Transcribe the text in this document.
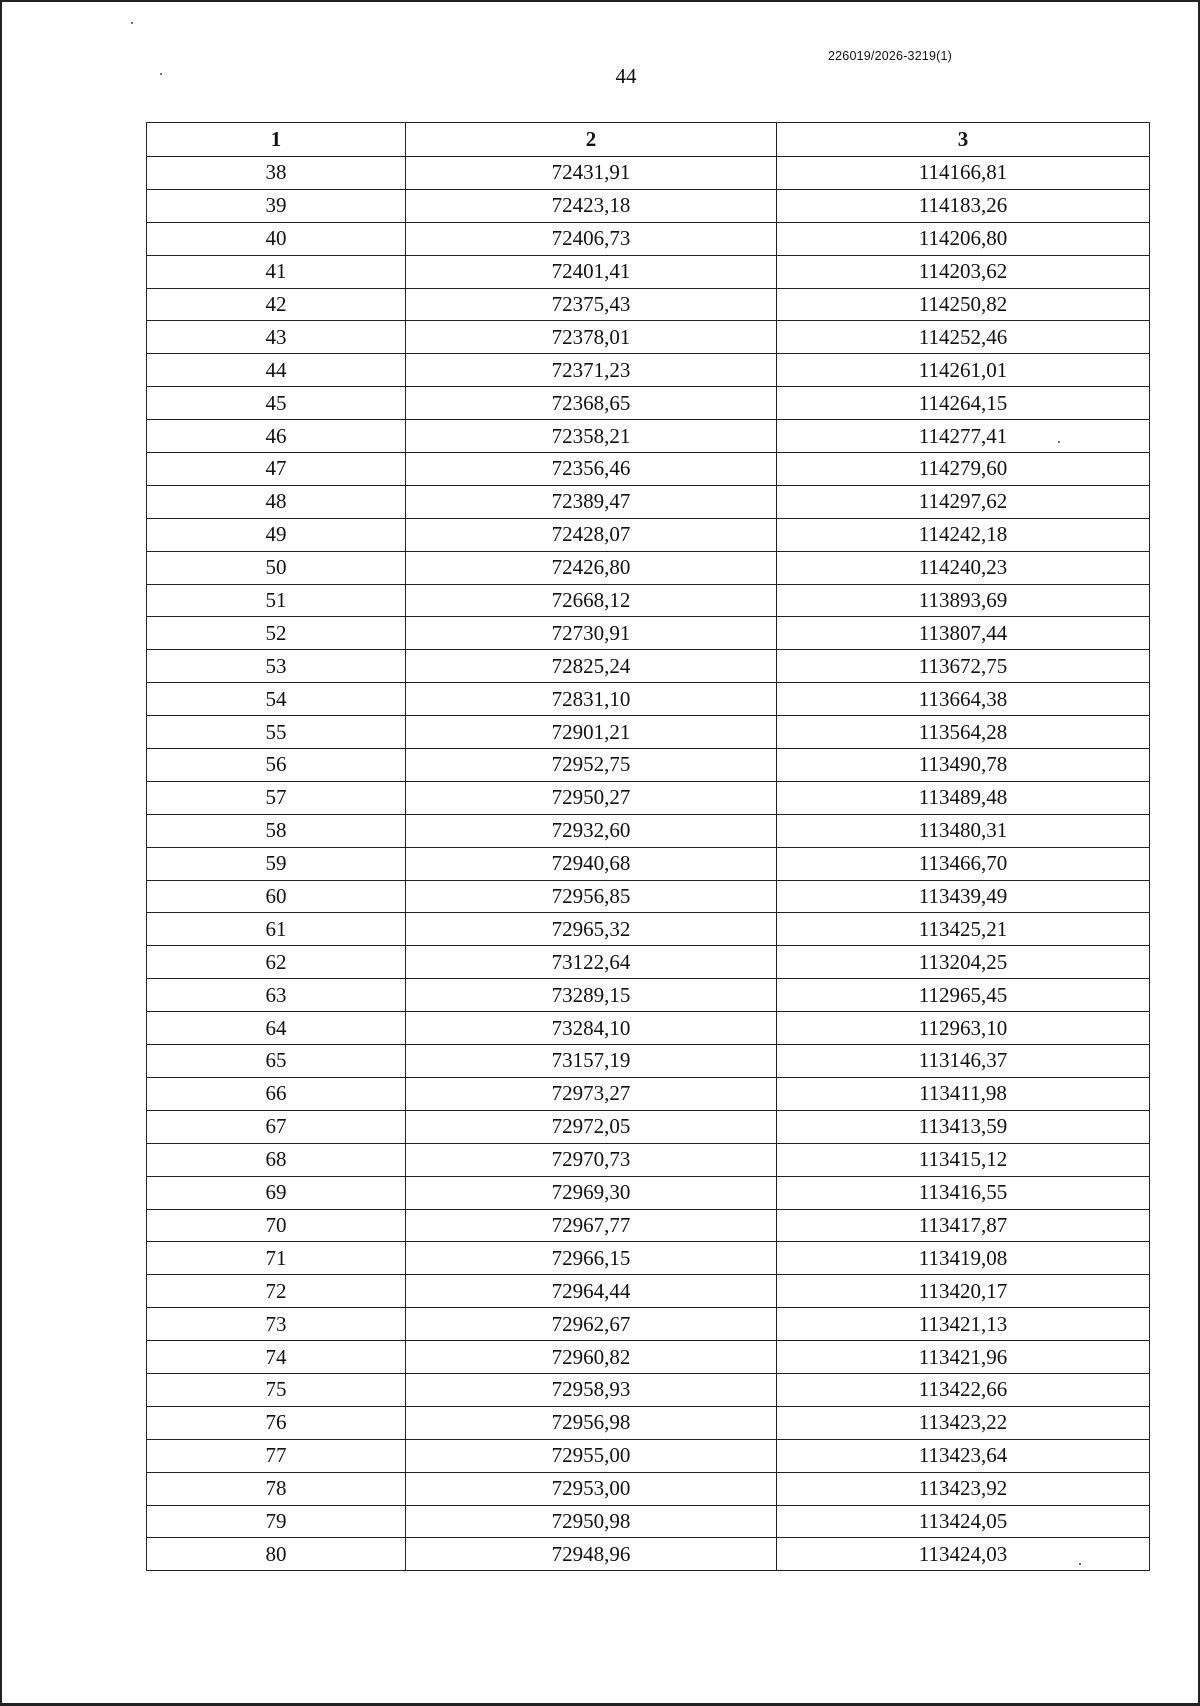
226019/2026-3219(1)
44
1	2	3
38	72431,91	114166,81
39	72423,18	114183,26
40	72406,73	114206,80
41	72401,41	114203,62
42	72375,43	114250,82
43	72378,01	114252,46
44	72371,23	114261,01
45	72368,65	114264,15
46	72358,21	114277,41
47	72356,46	114279,60
48	72389,47	114297,62
49	72428,07	114242,18
50	72426,80	114240,23
51	72668,12	113893,69
52	72730,91	113807,44
53	72825,24	113672,75
54	72831,10	113664,38
55	72901,21	113564,28
56	72952,75	113490,78
57	72950,27	113489,48
58	72932,60	113480,31
59	72940,68	113466,70
60	72956,85	113439,49
61	72965,32	113425,21
62	73122,64	113204,25
63	73289,15	112965,45
64	73284,10	112963,10
65	73157,19	113146,37
66	72973,27	113411,98
67	72972,05	113413,59
68	72970,73	113415,12
69	72969,30	113416,55
70	72967,77	113417,87
71	72966,15	113419,08
72	72964,44	113420,17
73	72962,67	113421,13
74	72960,82	113421,96
75	72958,93	113422,66
76	72956,98	113423,22
77	72955,00	113423,64
78	72953,00	113423,92
79	72950,98	113424,05
80	72948,96	113424,03
